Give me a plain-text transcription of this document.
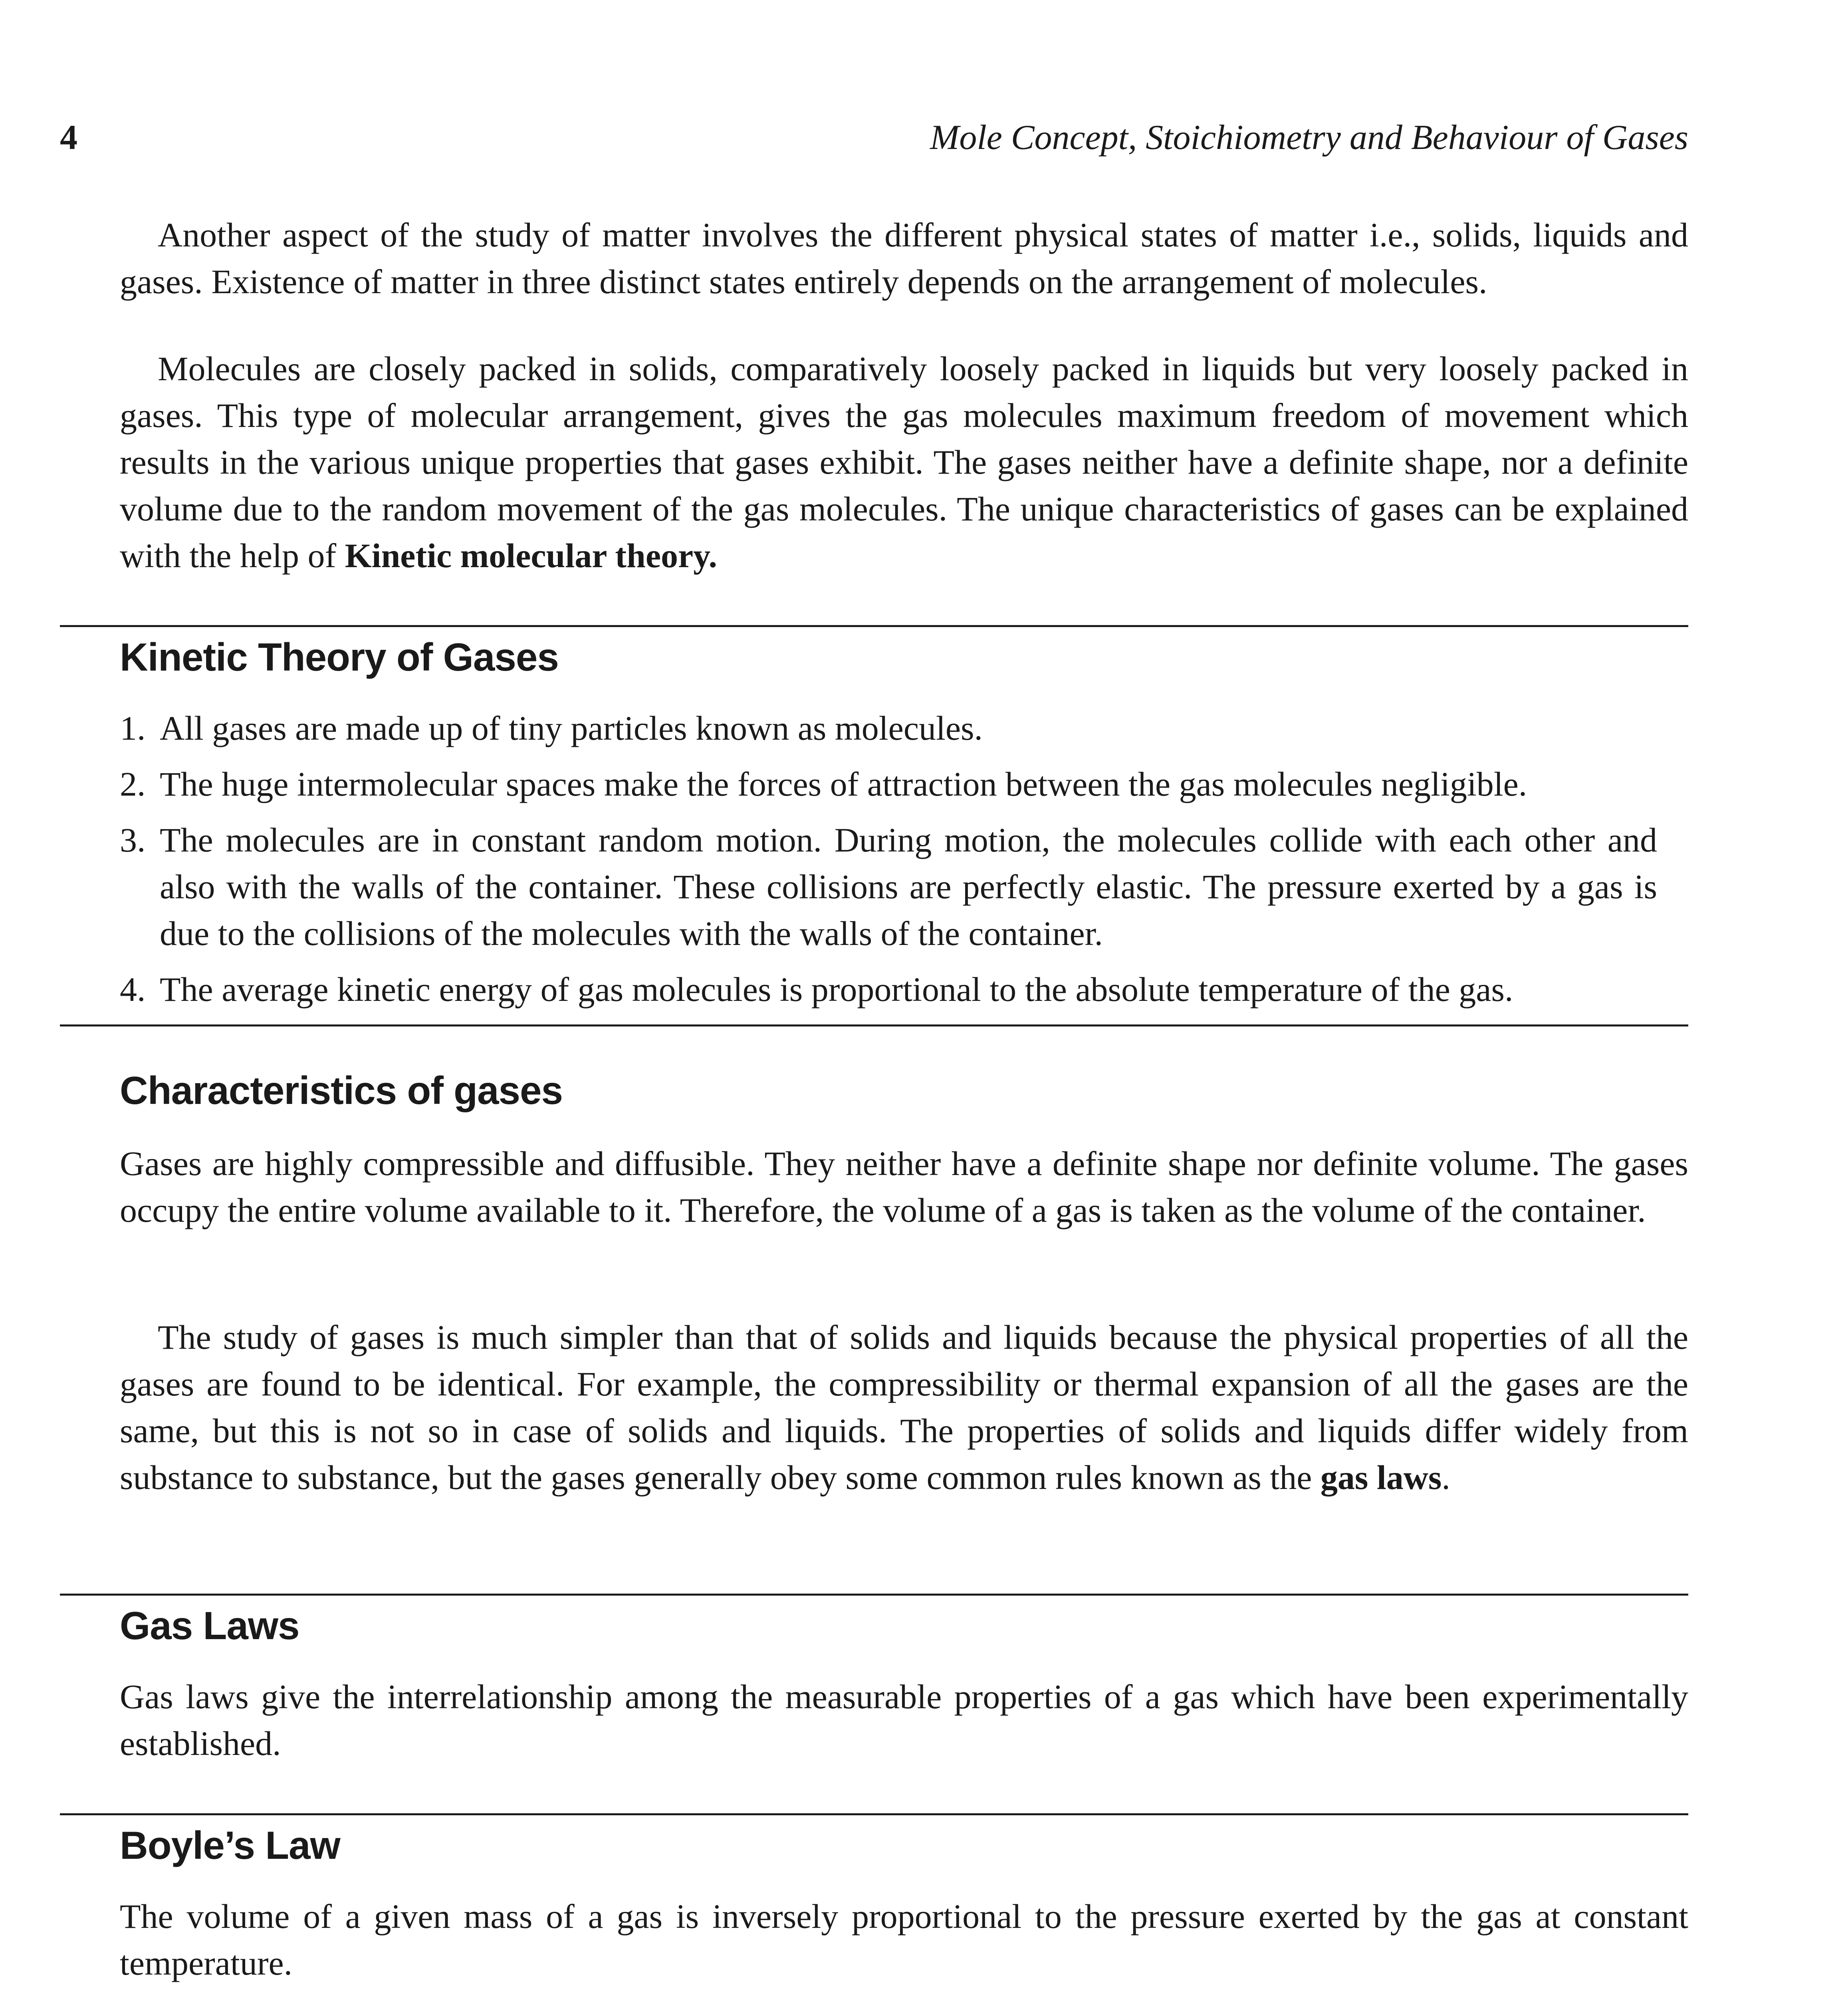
4	Mole Concept, Stoichiometry and Behaviour of Gases

Another aspect of the study of matter involves the different physical states of matter i.e., solids, liquids and gases. Existence of matter in three distinct states entirely depends on the arrangement of molecules.

Molecules are closely packed in solids, comparatively loosely packed in liquids but very loosely packed in gases. This type of molecular arrangement, gives the gas molecules maximum freedom of movement which results in the various unique properties that gases exhibit. The gases neither have a definite shape, nor a definite volume due to the random movement of the gas molecules. The unique characteristics of gases can be explained with the help of Kinetic molecular theory.

Kinetic Theory of Gases
1. All gases are made up of tiny particles known as molecules.
2. The huge intermolecular spaces make the forces of attraction between the gas molecules negligible.
3. The molecules are in constant random motion. During motion, the molecules collide with each other and also with the walls of the container. These collisions are perfectly elastic. The pressure exerted by a gas is due to the collisions of the molecules with the walls of the container.
4. The average kinetic energy of gas molecules is proportional to the absolute temperature of the gas.
Characteristics of gases

Gases are highly compressible and diffusible. They neither have a definite shape nor definite volume. The gases occupy the entire volume available to it. Therefore, the volume of a gas is taken as the volume of the container.

The study of gases is much simpler than that of solids and liquids because the physical properties of all the gases are found to be identical. For example, the compressibility or thermal expansion of all the gases are the same, but this is not so in case of solids and liquids. The properties of solids and liquids differ widely from substance to substance, but the gases generally obey some common rules known as the gas laws.

Gas Laws

Gas laws give the interrelationship among the measurable properties of a gas which have been experimentally established.

Boyle’s Law

The volume of a given mass of a gas is inversely proportional to the pressure exerted by the gas at constant temperature.
